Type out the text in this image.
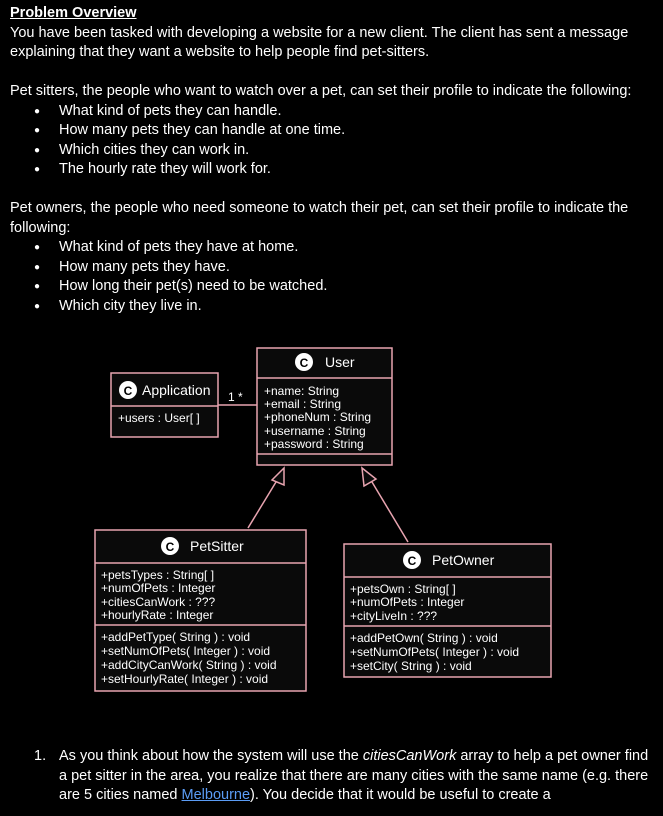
Problem Overview

You have been tasked with developing a website for a new client. The client has sent a message explaining that they want a website to help people find pet-sitters.

Pet sitters, the people who want to watch over a pet, can set their profile to indicate the following:

● What kind of pets they can handle.
● How many pets they can handle at one time.
● Which cities they can work in.
● The hourly rate they will work for.

Pet owners, the people who need someone to watch their pet, can set their profile to indicate the following:

● What kind of pets they have at home.
● How many pets they have.
● How long their pet(s) need to be watched.
● Which city they live in.
1 *
C Application
+users : User[ ]
C User
+name: String
+email : String
+phoneNum : String
+username : String
+password : String
C PetSitter
+petsTypes : String[ ]
+numOfPets : Integer
+citiesCanWork : ???
+hourlyRate : Integer
+addPetType( String ) : void
+setNumOfPets( Integer ) : void
+addCityCanWork( String ) : void
+setHourlyRate( Integer ) : void
C PetOwner
+petsOwn : String[ ]
+numOfPets : Integer
+cityLiveIn : ???
+addPetOwn( String ) : void
+setNumOfPets( Integer ) : void
+setCity( String ) : void
1. As you think about how the system will use the citiesCanWork array to help a pet owner find a pet sitter in the area, you realize that there are many cities with the same name (e.g. there are 5 cities named Melbourne). You decide that it would be useful to create a
